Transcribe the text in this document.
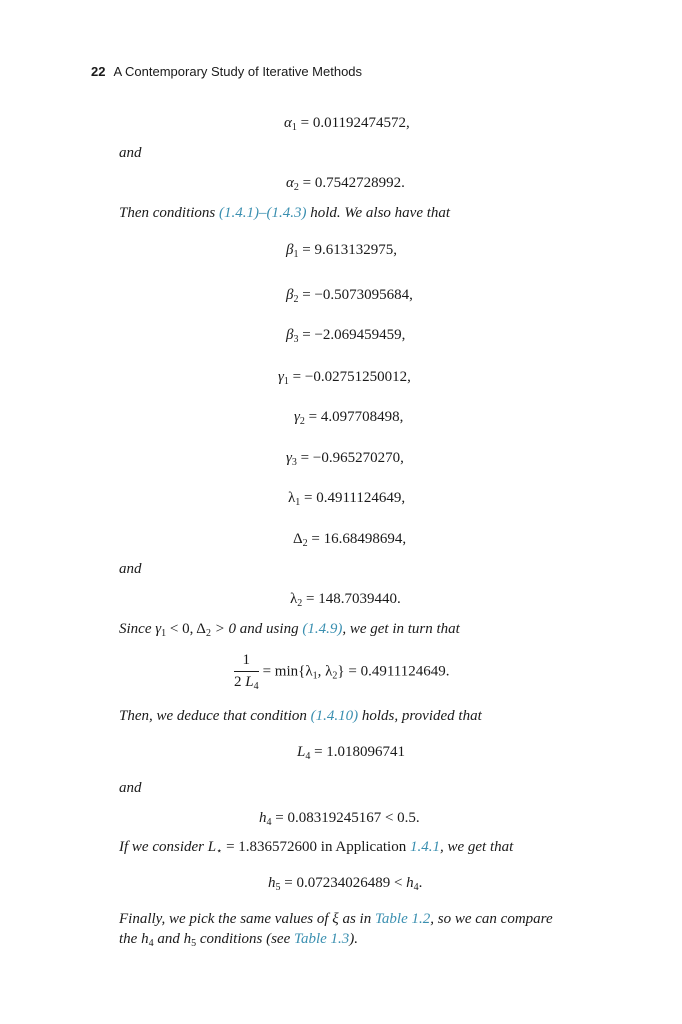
22 A Contemporary Study of Iterative Methods
$\alpha_1 = 0.01192474572$,
and
$\alpha_2 = 0.7542728992$.
Then conditions (1.4.1)–(1.4.3) hold. We also have that
$\beta_1 = 9.613132975$,
$\beta_2 = -0.5073095684$,
$\beta_3 = -2.069459459$,
$\gamma_1 = -0.02751250012$,
$\gamma_2 = 4.097708498$,
$\gamma_3 = -0.965270270$,
$\lambda_1 = 0.4911124649$,
$\Delta_2 = 16.68498694$,
and
$\lambda_2 = 148.7039440$.
Since $\gamma_1 < 0$, $\Delta_2 > 0$ and using (1.4.9), we get in turn that
$\frac{1}{2 L_4} = \min\{\lambda_1$, $\lambda_2\} = 0.4911124649$.
Then, we deduce that condition (1.4.10) holds, provided that
$L_4 = 1.018096741$
and
$h_4 = 0.08319245167 < 0.5$.
If we consider $L_⋆ = 1.836572600$ in Application 1.4.1, we get that
$h_5 = 0.07234026489 < h_4$.
Finally, we pick the same values of ξ as in Table 1.2, so we can compare
the $h_4$ and $h_5$ conditions (see Table 1.3).
